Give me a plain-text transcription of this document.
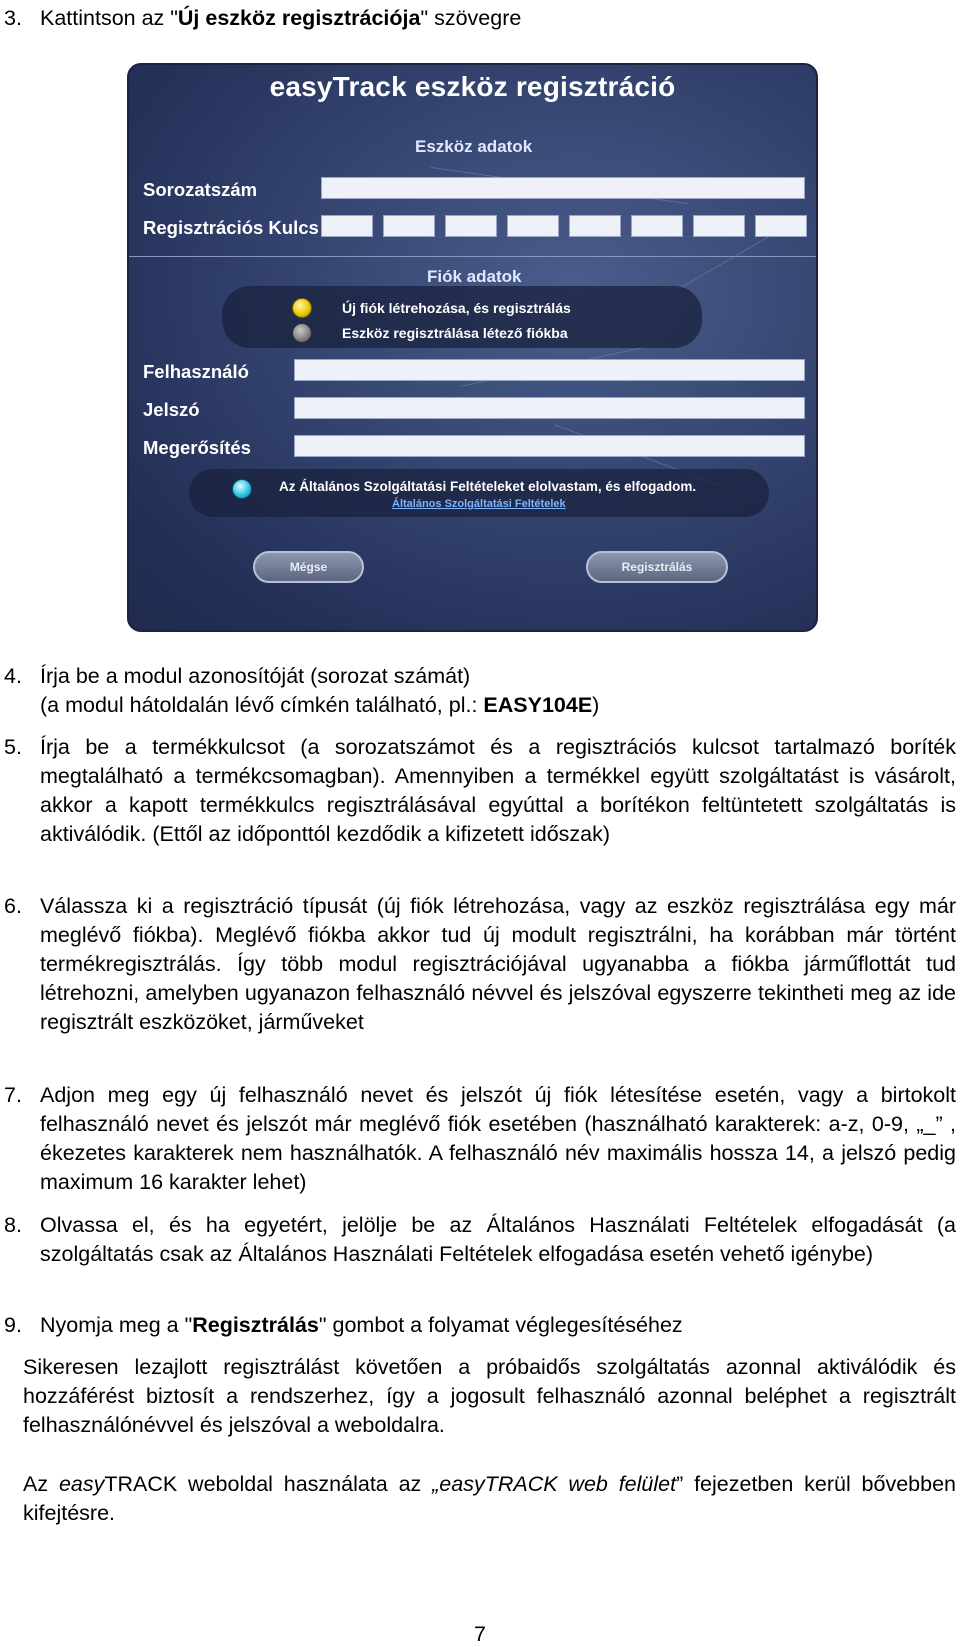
3. Kattintson az "Új eszköz regisztrációja" szövegre
easyTrack eszköz regisztráció
Eszköz adatok
Sorozatszám
Regisztrációs Kulcs
Fiók adatok
Új fiók létrehozása, és regisztrálás
Eszköz regisztrálása létező fiókba
Felhasználó
Jelszó
Megerősítés
Az Általános Szolgáltatási Feltételeket elolvastam, és elfogadom.
Általános Szolgáltatási Feltételek
Mégse	Regisztrálás
4. Írja be a modul azonosítóját (sorozat számát)
(a modul hátoldalán lévő címkén található, pl.: EASY104E)
5. Írja be a termékkulcsot (a sorozatszámot és a regisztrációs kulcsot tartalmazó boríték megtalálható a termékcsomagban). Amennyiben a termékkel együtt szolgáltatást is vásárolt, akkor a kapott termékkulcs regisztrálásával egyúttal a borítékon feltüntetett szolgáltatás is aktiválódik. (Ettől az időponttól kezdődik a kifizetett időszak)
6. Válassza ki a regisztráció típusát (új fiók létrehozása, vagy az eszköz regisztrálása egy már meglévő fiókba). Meglévő fiókba akkor tud új modult regisztrálni, ha korábban már történt termékregisztrálás. Így több modul regisztrációjával ugyanabba a fiókba járműflottát tud létrehozni, amelyben ugyanazon felhasználó névvel és jelszóval egyszerre tekintheti meg az ide regisztrált eszközöket, járműveket
7. Adjon meg egy új felhasználó nevet és jelszót új fiók létesítése esetén, vagy a birtokolt felhasználó nevet és jelszót már meglévő fiók esetében (használható karakterek: a-z, 0-9, „_” , ékezetes karakterek nem használhatók. A felhasználó név maximális hossza 14, a jelszó pedig maximum 16 karakter lehet)
8. Olvassa el, és ha egyetért, jelölje be az Általános Használati Feltételek elfogadását (a szolgáltatás csak az Általános Használati Feltételek elfogadása esetén vehető igénybe)
9. Nyomja meg a "Regisztrálás" gombot a folyamat véglegesítéséhez
Sikeresen lezajlott regisztrálást követően a próbaidős szolgáltatás azonnal aktiválódik és hozzáférést biztosít a rendszerhez, így a jogosult felhasználó azonnal beléphet a regisztrált felhasználónévvel és jelszóval a weboldalra.
Az easyTRACK weboldal használata az „easyTRACK web felület” fejezetben kerül bővebben kifejtésre.
7
